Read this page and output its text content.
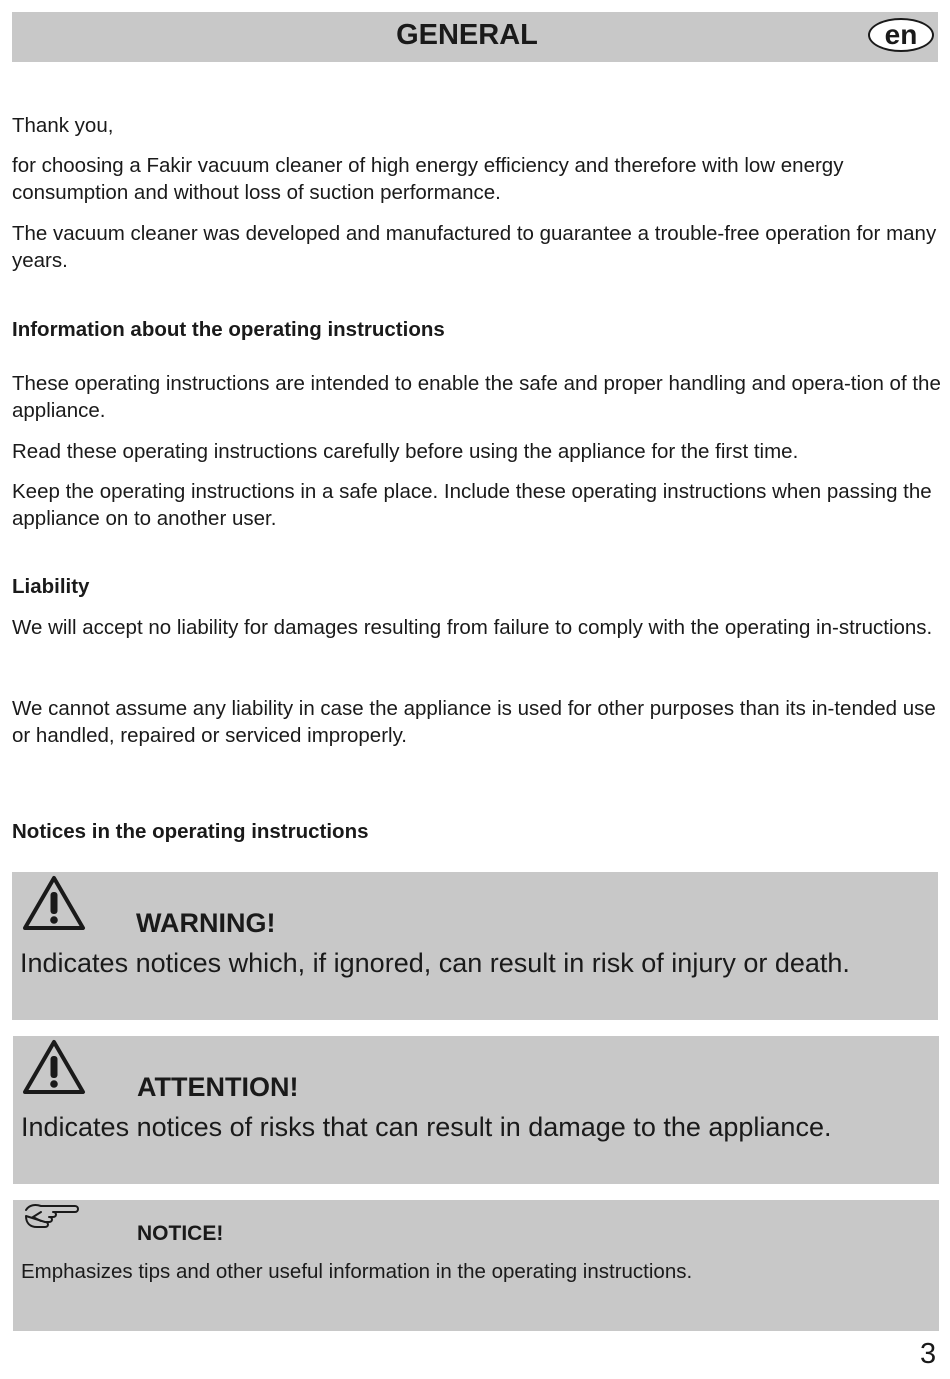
GENERAL	en

Thank you,

for choosing a Fakir vacuum cleaner of high energy efficiency and therefore with low energy consumption and without loss of suction performance.

The vacuum cleaner was developed and manufactured to guarantee a trouble-free operation for many years.

Information about the operating instructions

These operating instructions are intended to enable the safe and proper handling and opera-tion of the appliance.

Read these operating instructions carefully before using the appliance for the first time.

Keep the operating instructions in a safe place. Include these operating instructions when passing the appliance on to another user.

Liability

We will accept no liability for damages resulting from failure to comply with the operating in-structions.

We cannot assume any liability in case the appliance is used for other purposes than its in-tended use or handled, repaired or serviced improperly.

Notices in the operating instructions
WARNING!
Indicates notices which, if ignored, can result in risk of injury or death.
ATTENTION!
Indicates notices of risks that can result in damage to the appliance.
NOTICE!
Emphasizes tips and other useful information in the operating instructions.
3
